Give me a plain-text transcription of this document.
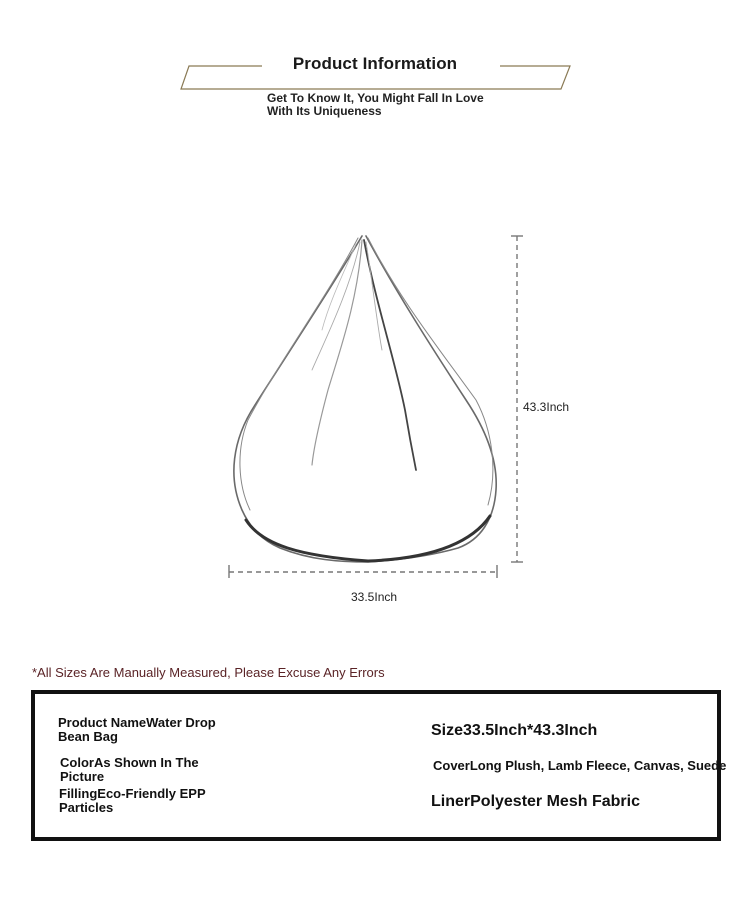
Product Information
Get To Know It, You Might Fall In Love With Its Uniqueness
43.3Inch
33.5Inch
*All Sizes Are Manually Measured, Please Excuse Any Errors
Product NameWater Drop Bean Bag
ColorAs Shown In The Picture
FillingEco-Friendly EPP Particles
Size33.5Inch*43.3Inch
CoverLong Plush, Lamb Fleece, Canvas, Suede
LinerPolyester Mesh Fabric
